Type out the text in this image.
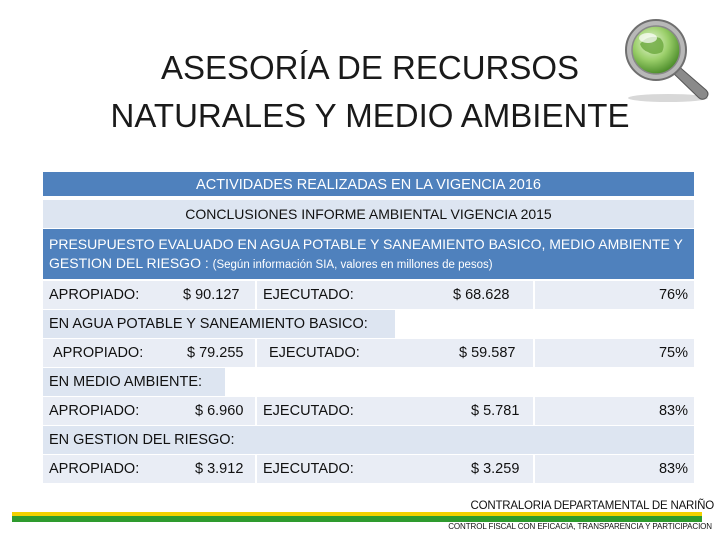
ASESORÍA DE RECURSOS
NATURALES Y MEDIO AMBIENTE
ACTIVIDADES REALIZADAS EN LA VIGENCIA 2016
CONCLUSIONES INFORME AMBIENTAL VIGENCIA 2015
PRESUPUESTO EVALUADO EN AGUA POTABLE Y SANEAMIENTO BASICO, MEDIO AMBIENTE Y GESTION DEL RIESGO : (Según información SIA, valores en millones de pesos)
APROPIADO:	$ 90.127 EJECUTADO:	$ 68.628	76%
EN AGUA POTABLE Y SANEAMIENTO BASICO:
APROPIADO:	$ 79.255 EJECUTADO:	$ 59.587	75%
EN MEDIO AMBIENTE:
APROPIADO:	$ 6.960 EJECUTADO:	$ 5.781	83%
EN GESTION DEL RIESGO:
APROPIADO:	$ 3.912 EJECUTADO:	$ 3.259	83%
CONTRALORIA DEPARTAMENTAL DE NARIÑO
CONTROL FISCAL CON EFICACIA, TRANSPARENCIA Y PARTICIPACION
